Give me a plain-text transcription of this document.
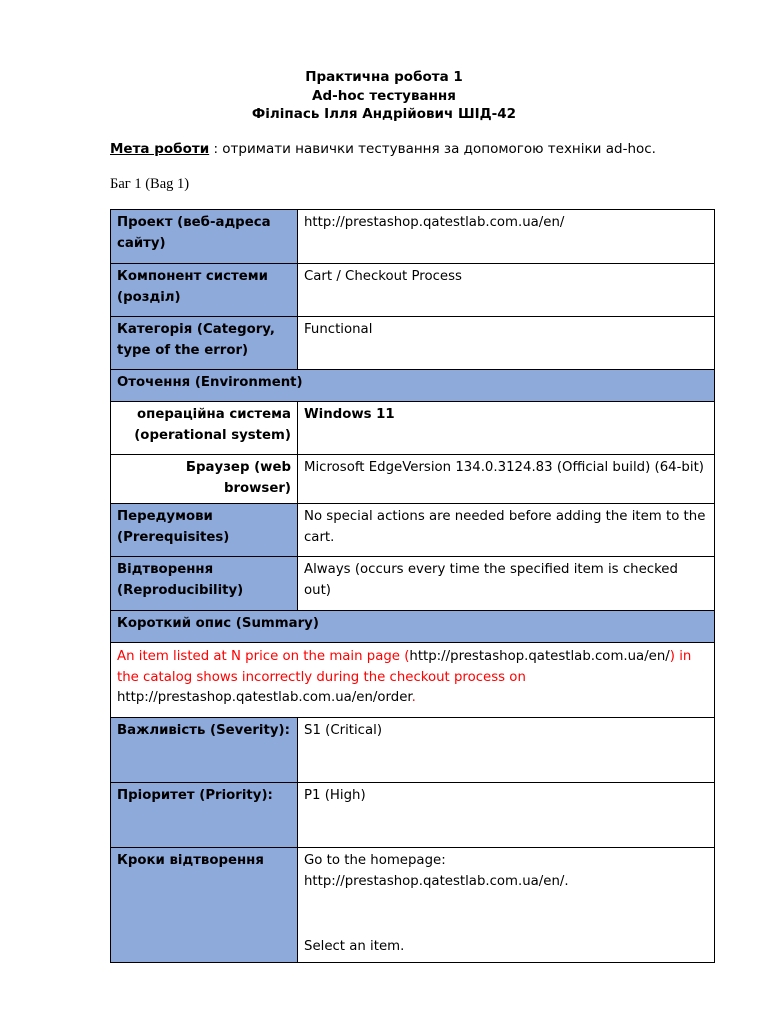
Практична робота 1
Ad-hoc тестування
Філіпась Ілля Андрійович ШІД-42
Мета роботи : отримати навички тестування за допомогою техніки ad-hoc.
Баг 1 (Bag 1)
Проект (веб-адреса сайту)	http://prestashop.qatestlab.com.ua/en/
Компонент системи (розділ)	Cart / Checkout Process
Категорія (Category, type of the error)	Functional
Оточення (Environment)	
операційна система (operational system)	Windows 11
Браузер (web browser)	Microsoft EdgeVersion 134.0.3124.83 (Official build) (64-bit)
Передумови (Prerequisites)	No special actions are needed before adding the item to the cart.
Відтворення (Reproducibility)	Always (occurs every time the specified item is checked out)
Короткий опис (Summary)	
An item listed at N price on the main page (http://prestashop.qatestlab.com.ua/en/) in the catalog shows incorrectly during the checkout process on http://prestashop.qatestlab.com.ua/en/order.	
Важливість (Severity):	S1 (Critical)
Пріоритет (Priority):	P1 (High)
Кроки відтворення	Go to the homepage: http://prestashop.qatestlab.com.ua/en/.
Select an item.
